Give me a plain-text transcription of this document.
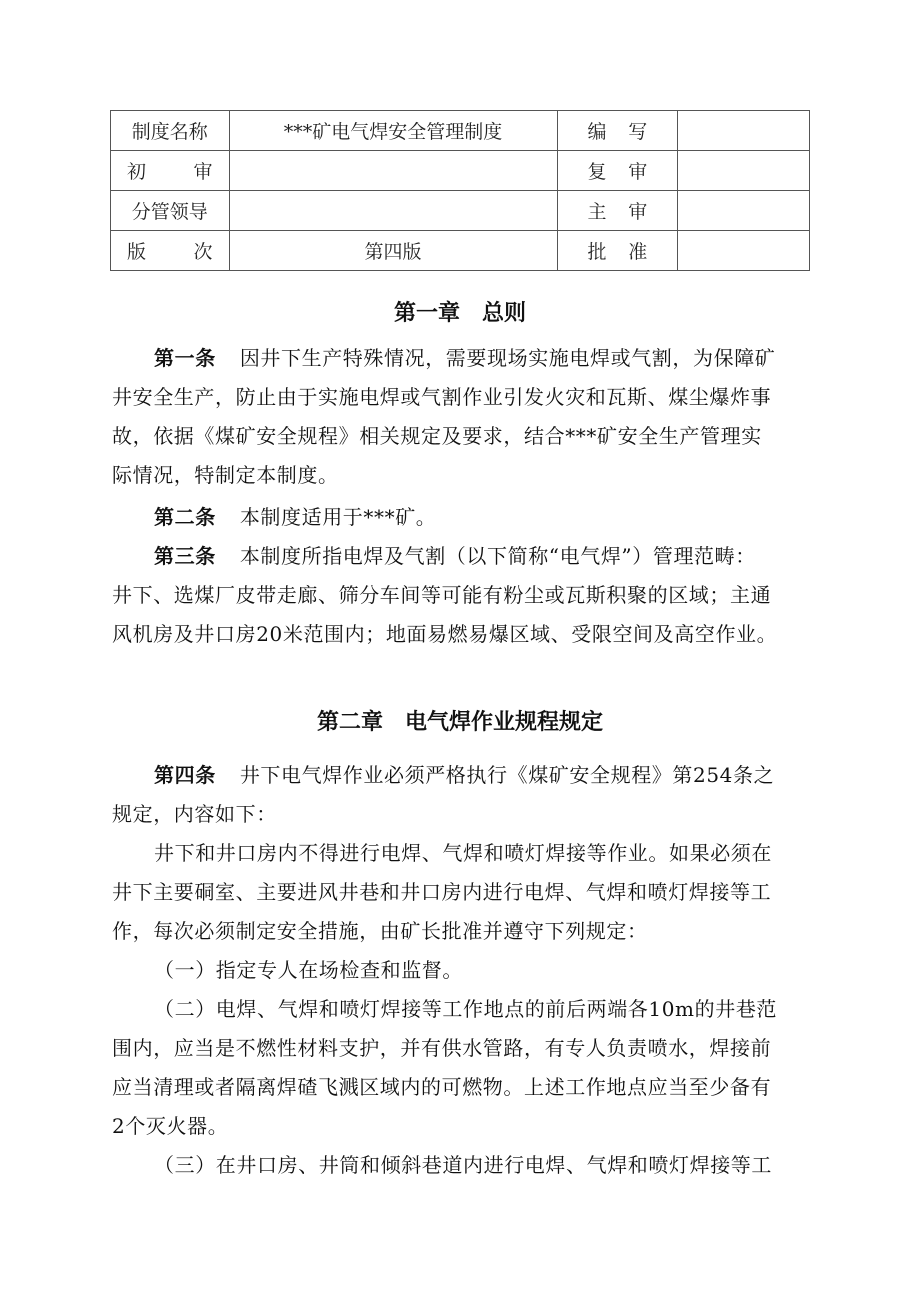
制度名称	***矿电气焊安全管理制度	编 写	

初 审		复 审	

分管领导		主 审	

版 次	第四版	批 准	

第一章　总则
第一条 因井下生产特殊情况，需要现场实施电焊或气割，为保障矿
井安全生产，防止由于实施电焊或气割作业引发火灾和瓦斯、煤尘爆炸事
故，依据《煤矿安全规程》相关规定及要求，结合***矿安全生产管理实
际情况，特制定本制度。
第二条 本制度适用于***矿。
第三条 本制度所指电焊及气割（以下简称“电气焊”）管理范畴：
井下、选煤厂皮带走廊、筛分车间等可能有粉尘或瓦斯积聚的区域；主通
风机房及井口房20米范围内；地面易燃易爆区域、受限空间及高空作业。
第二章　电气焊作业规程规定
第四条 井下电气焊作业必须严格执行《煤矿安全规程》第254条之
规定，内容如下：
井下和井口房内不得进行电焊、气焊和喷灯焊接等作业。如果必须在
井下主要硐室、主要进风井巷和井口房内进行电焊、气焊和喷灯焊接等工
作，每次必须制定安全措施，由矿长批准并遵守下列规定：
（一）指定专人在场检查和监督。
（二）电焊、气焊和喷灯焊接等工作地点的前后两端各10m的井巷范
围内，应当是不燃性材料支护，并有供水管路，有专人负责喷水，焊接前
应当清理或者隔离焊碴飞溅区域内的可燃物。上述工作地点应当至少备有
2个灭火器。
（三）在井口房、井筒和倾斜巷道内进行电焊、气焊和喷灯焊接等工
